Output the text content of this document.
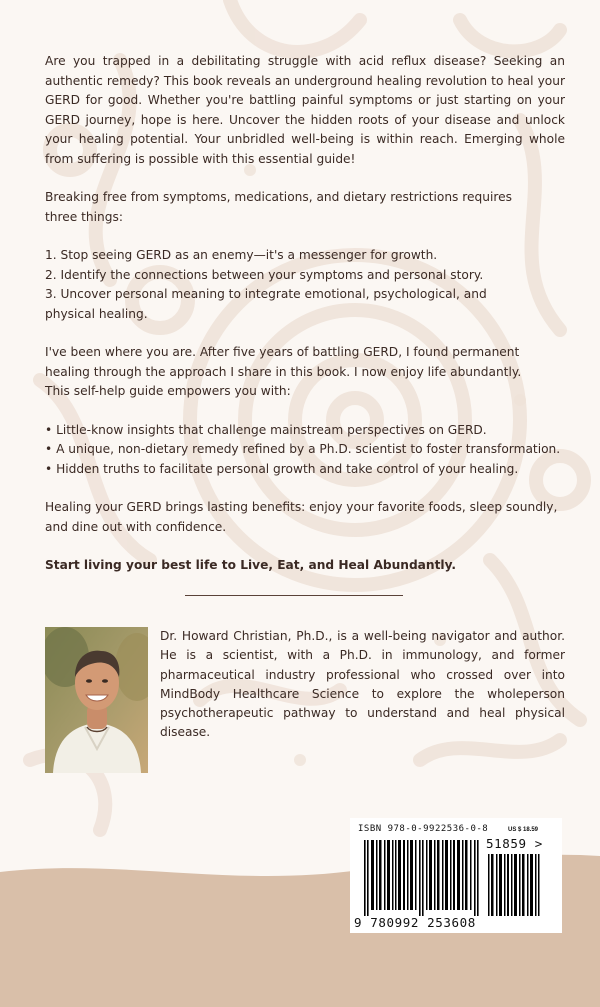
Are you trapped in a debilitating struggle with acid reflux disease? Seeking an authentic remedy? This book reveals an underground healing revolution to heal your GERD for good. Whether you're battling painful symptoms or just starting on your GERD journey, hope is here. Uncover the hidden roots of your disease and unlock your healing potential. Your unbridled well-being is within reach. Emerging whole from suffering is possible with this essential guide!

Breaking free from symptoms, medications, and dietary restrictions requires three things:

1. Stop seeing GERD as an enemy—it's a messenger for growth.

2. Identify the connections between your symptoms and personal story.

3. Uncover personal meaning to integrate emotional, psychological, and physical healing.

I've been where you are. After five years of battling GERD, I found permanent healing through the approach I share in this book. I now enjoy life abundantly.

This self-help guide empowers you with:

• Little-know insights that challenge mainstream perspectives on GERD.

• A unique, non-dietary remedy refined by a Ph.D. scientist to foster transformation.

• Hidden truths to facilitate personal growth and take control of your healing.

Healing your GERD brings lasting benefits: enjoy your favorite foods, sleep soundly, and dine out with confidence.

Start living your best life to Live, Eat, and Heal Abundantly.

Dr. Howard Christian, Ph.D., is a well-being navigator and author. He is a scientist, with a Ph.D. in immunology, and former pharmaceutical industry professional who crossed over into MindBody Healthcare Science to explore the wholeperson psychotherapeutic pathway to understand and heal physical disease.

ISBN 978-0-9922536-0-8	US $ 18.59
51859 >
9 780992 253608
